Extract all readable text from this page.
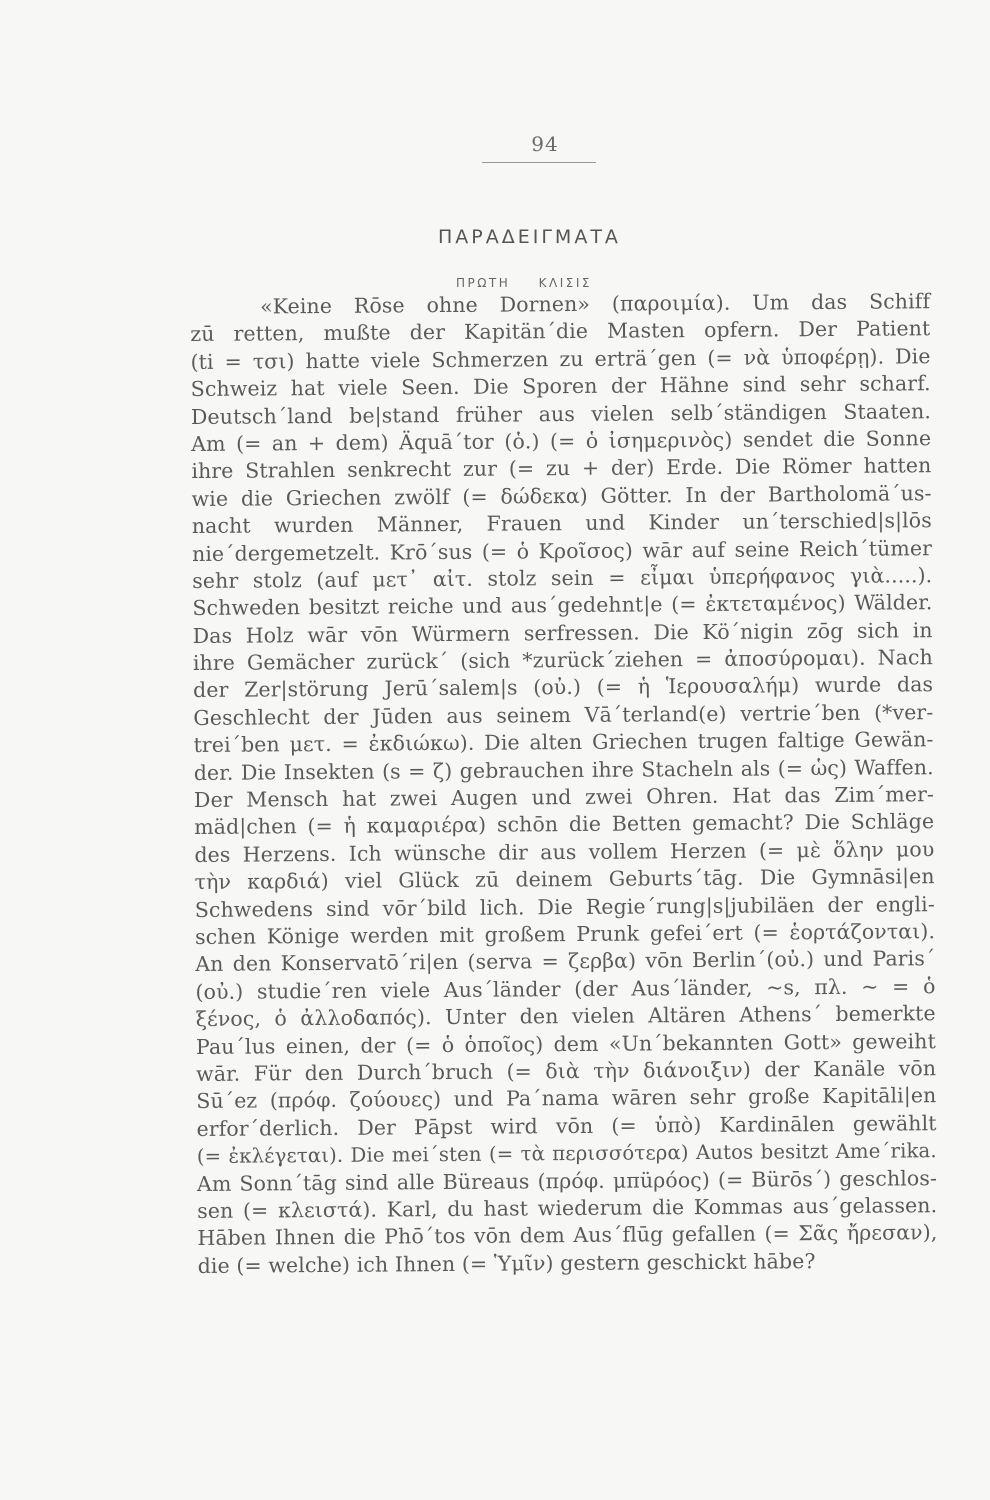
94
ΠΑΡΑΔΕΙΓΜΑΤΑ
ΠΡΩΤΗ ΚΛΙΣΙΣ
«Keine Rōse ohne Dornen» (παροιμία). Um das Schiff
zū retten, mußte der Kapitän´die Masten opfern. Der Patient
(ti = τσι) hatte viele Schmerzen zu erträ´gen (= νὰ ὑποφέρῃ). Die
Schweiz hat viele Seen. Die Sporen der Hähne sind sehr scharf.
Deutsch´land be|stand früher aus vielen selb´ständigen Staaten.
Am (= an + dem) Äquā´tor (ὁ.) (= ὁ ἰσημερινὸς) sendet die Sonne
ihre Strahlen senkrecht zur (= zu + der) Erde. Die Römer hatten
wie die Griechen zwölf (= δώδεκα) Götter. In der Bartholomä´us-
nacht wurden Männer, Frauen und Kinder un´terschied|s|lōs
nie´dergemetzelt. Krō´sus (= ὁ Κροῖσος) wār auf seine Reich´tümer
sehr stolz (auf μετ᾽ αἰτ. stolz sein = εἶμαι ὑπερήφανος γιὰ.....).
Schweden besitzt reiche und aus´gedehnt|e (= ἐκτεταμένος) Wälder.
Das Holz wār vōn Würmern serfressen. Die Kö´nigin zōg sich in
ihre Gemächer zurück´ (sich *zurück´ziehen = ἀποσύρομαι). Nach
der Zer|störung Jerū´salem|s (οὐ.) (= ἡ Ἱερουσαλήμ) wurde das
Geschlecht der Jūden aus seinem Vā´terland(e) vertrie´ben (*ver-
trei´ben μετ. = ἐκδιώκω). Die alten Griechen trugen faltige Gewän-
der. Die Insekten (s = ζ) gebrauchen ihre Stacheln als (= ὡς) Waffen.
Der Mensch hat zwei Augen und zwei Ohren. Hat das Zim´mer-
mäd|chen (= ἡ καμαριέρα) schōn die Betten gemacht? Die Schläge
des Herzens. Ich wünsche dir aus vollem Herzen (= μὲ ὅλην μου
τὴν καρδιά) viel Glück zū deinem Geburts´tāg. Die Gymnāsi|en
Schwedens sind vōr´bild lich. Die Regie´rung|s|jubiläen der engli-
schen Könige werden mit großem Prunk gefei´ert (= ἑορτάζονται).
An den Konservatō´ri|en (serva = ζερβα) vōn Berlin´(οὐ.) und Paris´
(οὐ.) studie´ren viele Aus´länder (der Aus´länder, ~s, πλ. ~ = ὁ
ξένος, ὁ ἀλλοδαπός). Unter den vielen Altären Athens´ bemerkte
Pau´lus einen, der (= ὁ ὁποῖος) dem «Un´bekannten Gott» geweiht
wār. Für den Durch´bruch (= διὰ τὴν διάνοιξιν) der Kanäle vōn
Sū´ez (πρόφ. ζούουες) und Pa´nama wāren sehr große Kapitāli|en
erfor´derlich. Der Pāpst wird vōn (= ὑπὸ) Kardinālen gewählt
(= ἐκλέγεται). Die mei´sten (= τὰ περισσότερα) Autos besitzt Ame´rika.
Am Sonn´tāg sind alle Büreaus (πρόφ. μπüρόος) (= Bürōs´) geschlos-
sen (= κλειστά). Karl, du hast wiederum die Kommas aus´gelassen.
Hāben Ihnen die Phō´tos vōn dem Aus´flūg gefallen (= Σᾶς ἤρεσαν),
die (= welche) ich Ihnen (= Ὑμῖν) gestern geschickt hābe?
